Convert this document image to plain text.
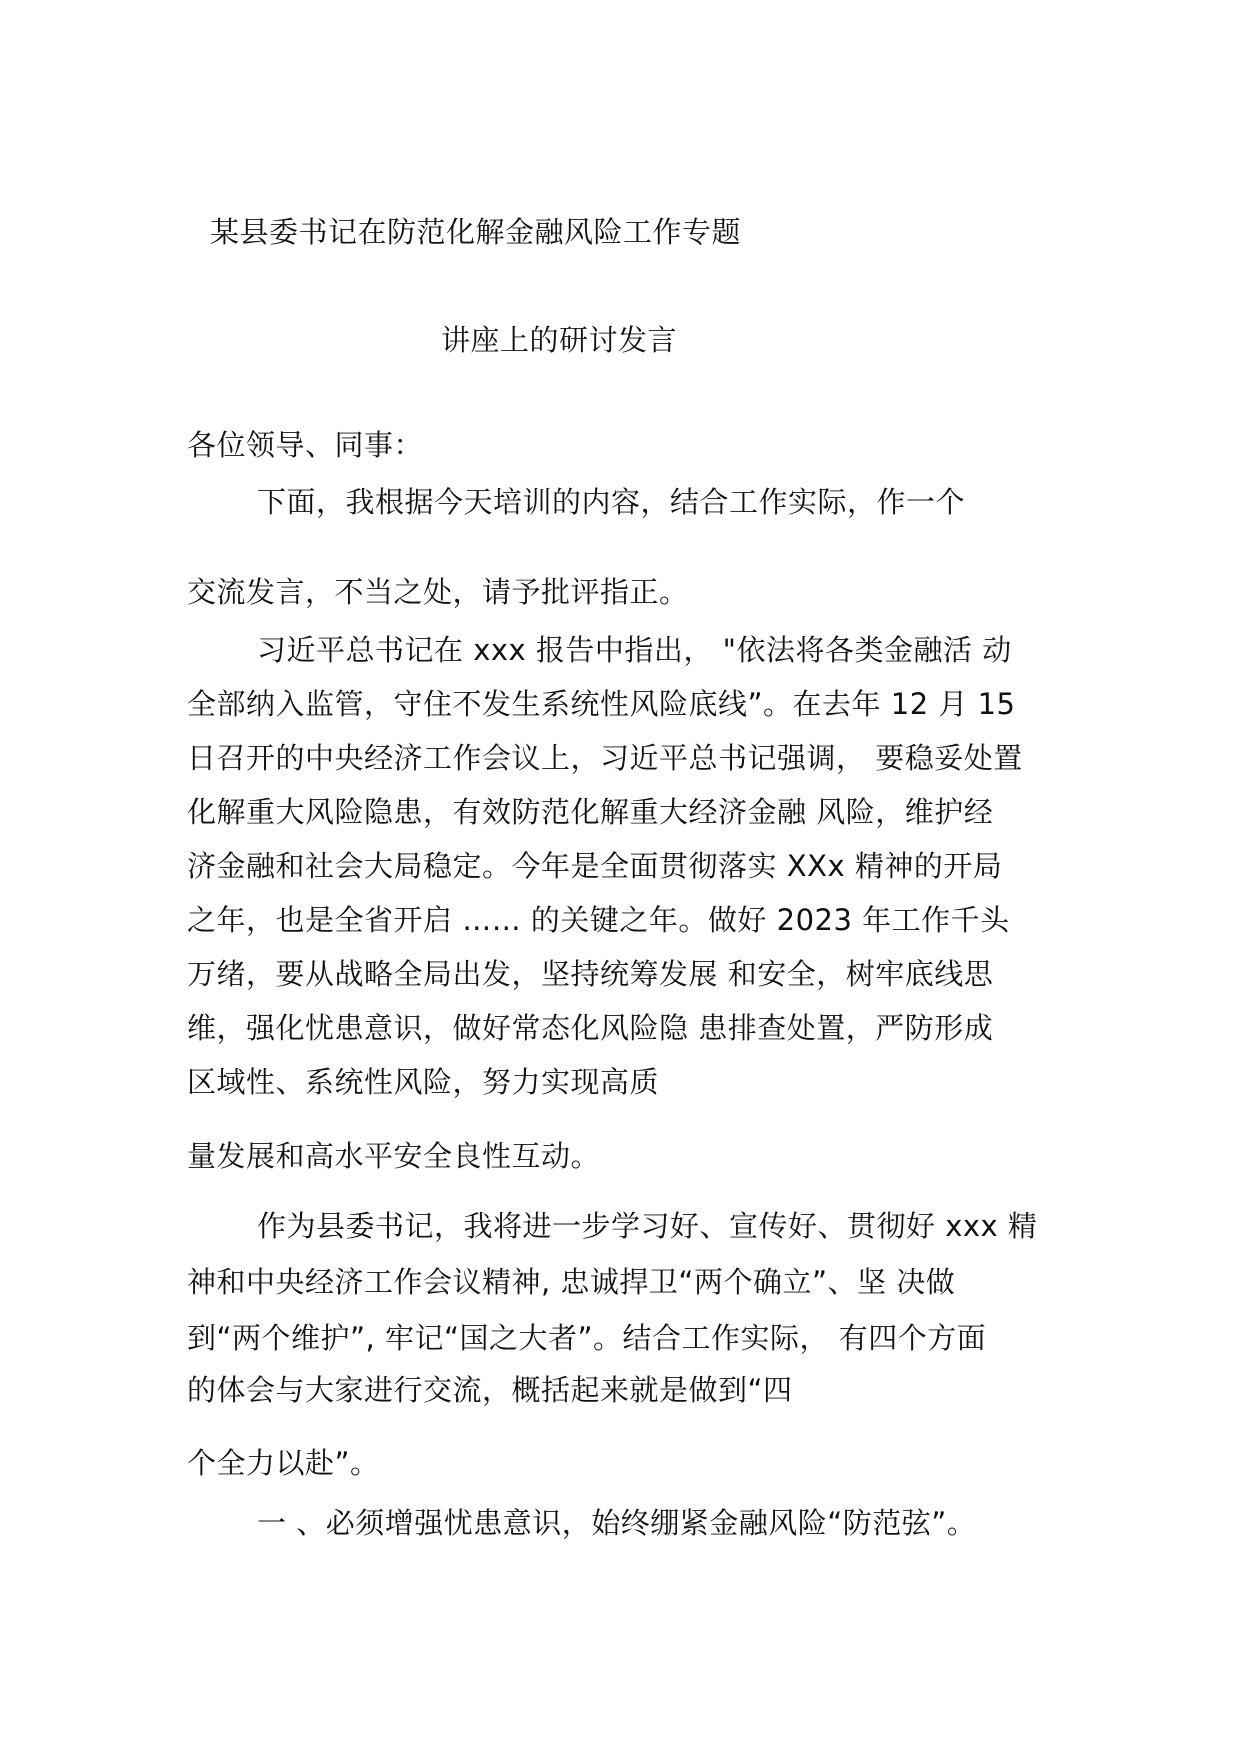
某县委书记在防范化解金融风险工作专题
讲座上的研讨发言
各位领导、同事：
下面，我根据今天培训的内容，结合工作实际，作一个
交流发言，不当之处，请予批评指正。
习近平总书记在 xxx 报告中指出， "依法将各类金融活 动
全部纳入监管，守住不发生系统性风险底线”。在去年 12 月 15
日召开的中央经济工作会议上，习近平总书记强调， 要稳妥处置
化解重大风险隐患，有效防范化解重大经济金融 风险，维护经
济金融和社会大局稳定。今年是全面贯彻落实 XXx 精神的开局
之年，也是全省开启 …… 的关键之年。做好 2023 年工作千头
万绪，要从战略全局出发，坚持统筹发展 和安全，树牢底线思
维，强化忧患意识，做好常态化风险隐 患排查处置，严防形成
区域性、系统性风险，努力实现高质
量发展和高水平安全良性互动。
作为县委书记，我将进一步学习好、宣传好、贯彻好 xxx 精
神和中央经济工作会议精神, 忠诚捍卫“两个确立”、坚 决做
到“两个维护”, 牢记“国之大者”。结合工作实际， 有四个方面
的体会与大家进行交流，概括起来就是做到“四
个全力以赴”。
一 、必须增强忧患意识，始终绷紧金融风险“防范弦”。
